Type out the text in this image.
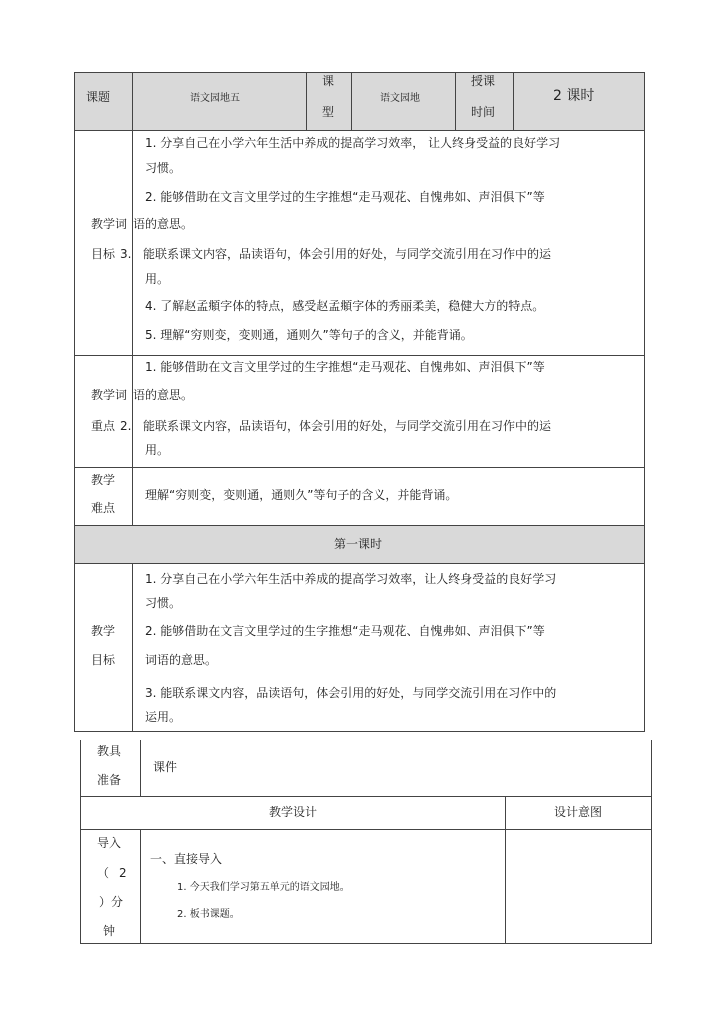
课题	语文园地五
课
型
语文园地
授课
时间
2 课时
教学词
目标
1. 分享自己在小学六年生活中养成的提高学习效率， 让人终身受益的良好学习
习惯。
2. 能够借助在文言文里学过的生字推想“走马观花、自愧弗如、声泪俱下”等
语的意思。
3. 能联系课文内容，品读语句，体会引用的好处，与同学交流引用在习作中的运
用。
4. 了解赵孟頫字体的特点，感受赵孟頫字体的秀丽柔美，稳健大方的特点。
5. 理解“穷则变，变则通，通则久”等句子的含义，并能背诵。
教学词
重点
1. 能够借助在文言文里学过的生字推想“走马观花、自愧弗如、声泪俱下”等
语的意思。
2. 能联系课文内容，品读语句，体会引用的好处，与同学交流引用在习作中的运
用。
教学
难点
理解“穷则变，变则通，通则久”等句子的含义，并能背诵。
第一课时
教学
目标
1. 分享自己在小学六年生活中养成的提高学习效率，让人终身受益的良好学习
习惯。
2. 能够借助在文言文里学过的生字推想“走马观花、自愧弗如、声泪俱下”等
词语的意思。
3. 能联系课文内容，品读语句，体会引用的好处，与同学交流引用在习作中的
运用。
教具
准备
课件
教学设计	设计意图
导入
（ 2
）分
钟
一、直接导入
1. 今天我们学习第五单元的语文园地。
2. 板书课题。
